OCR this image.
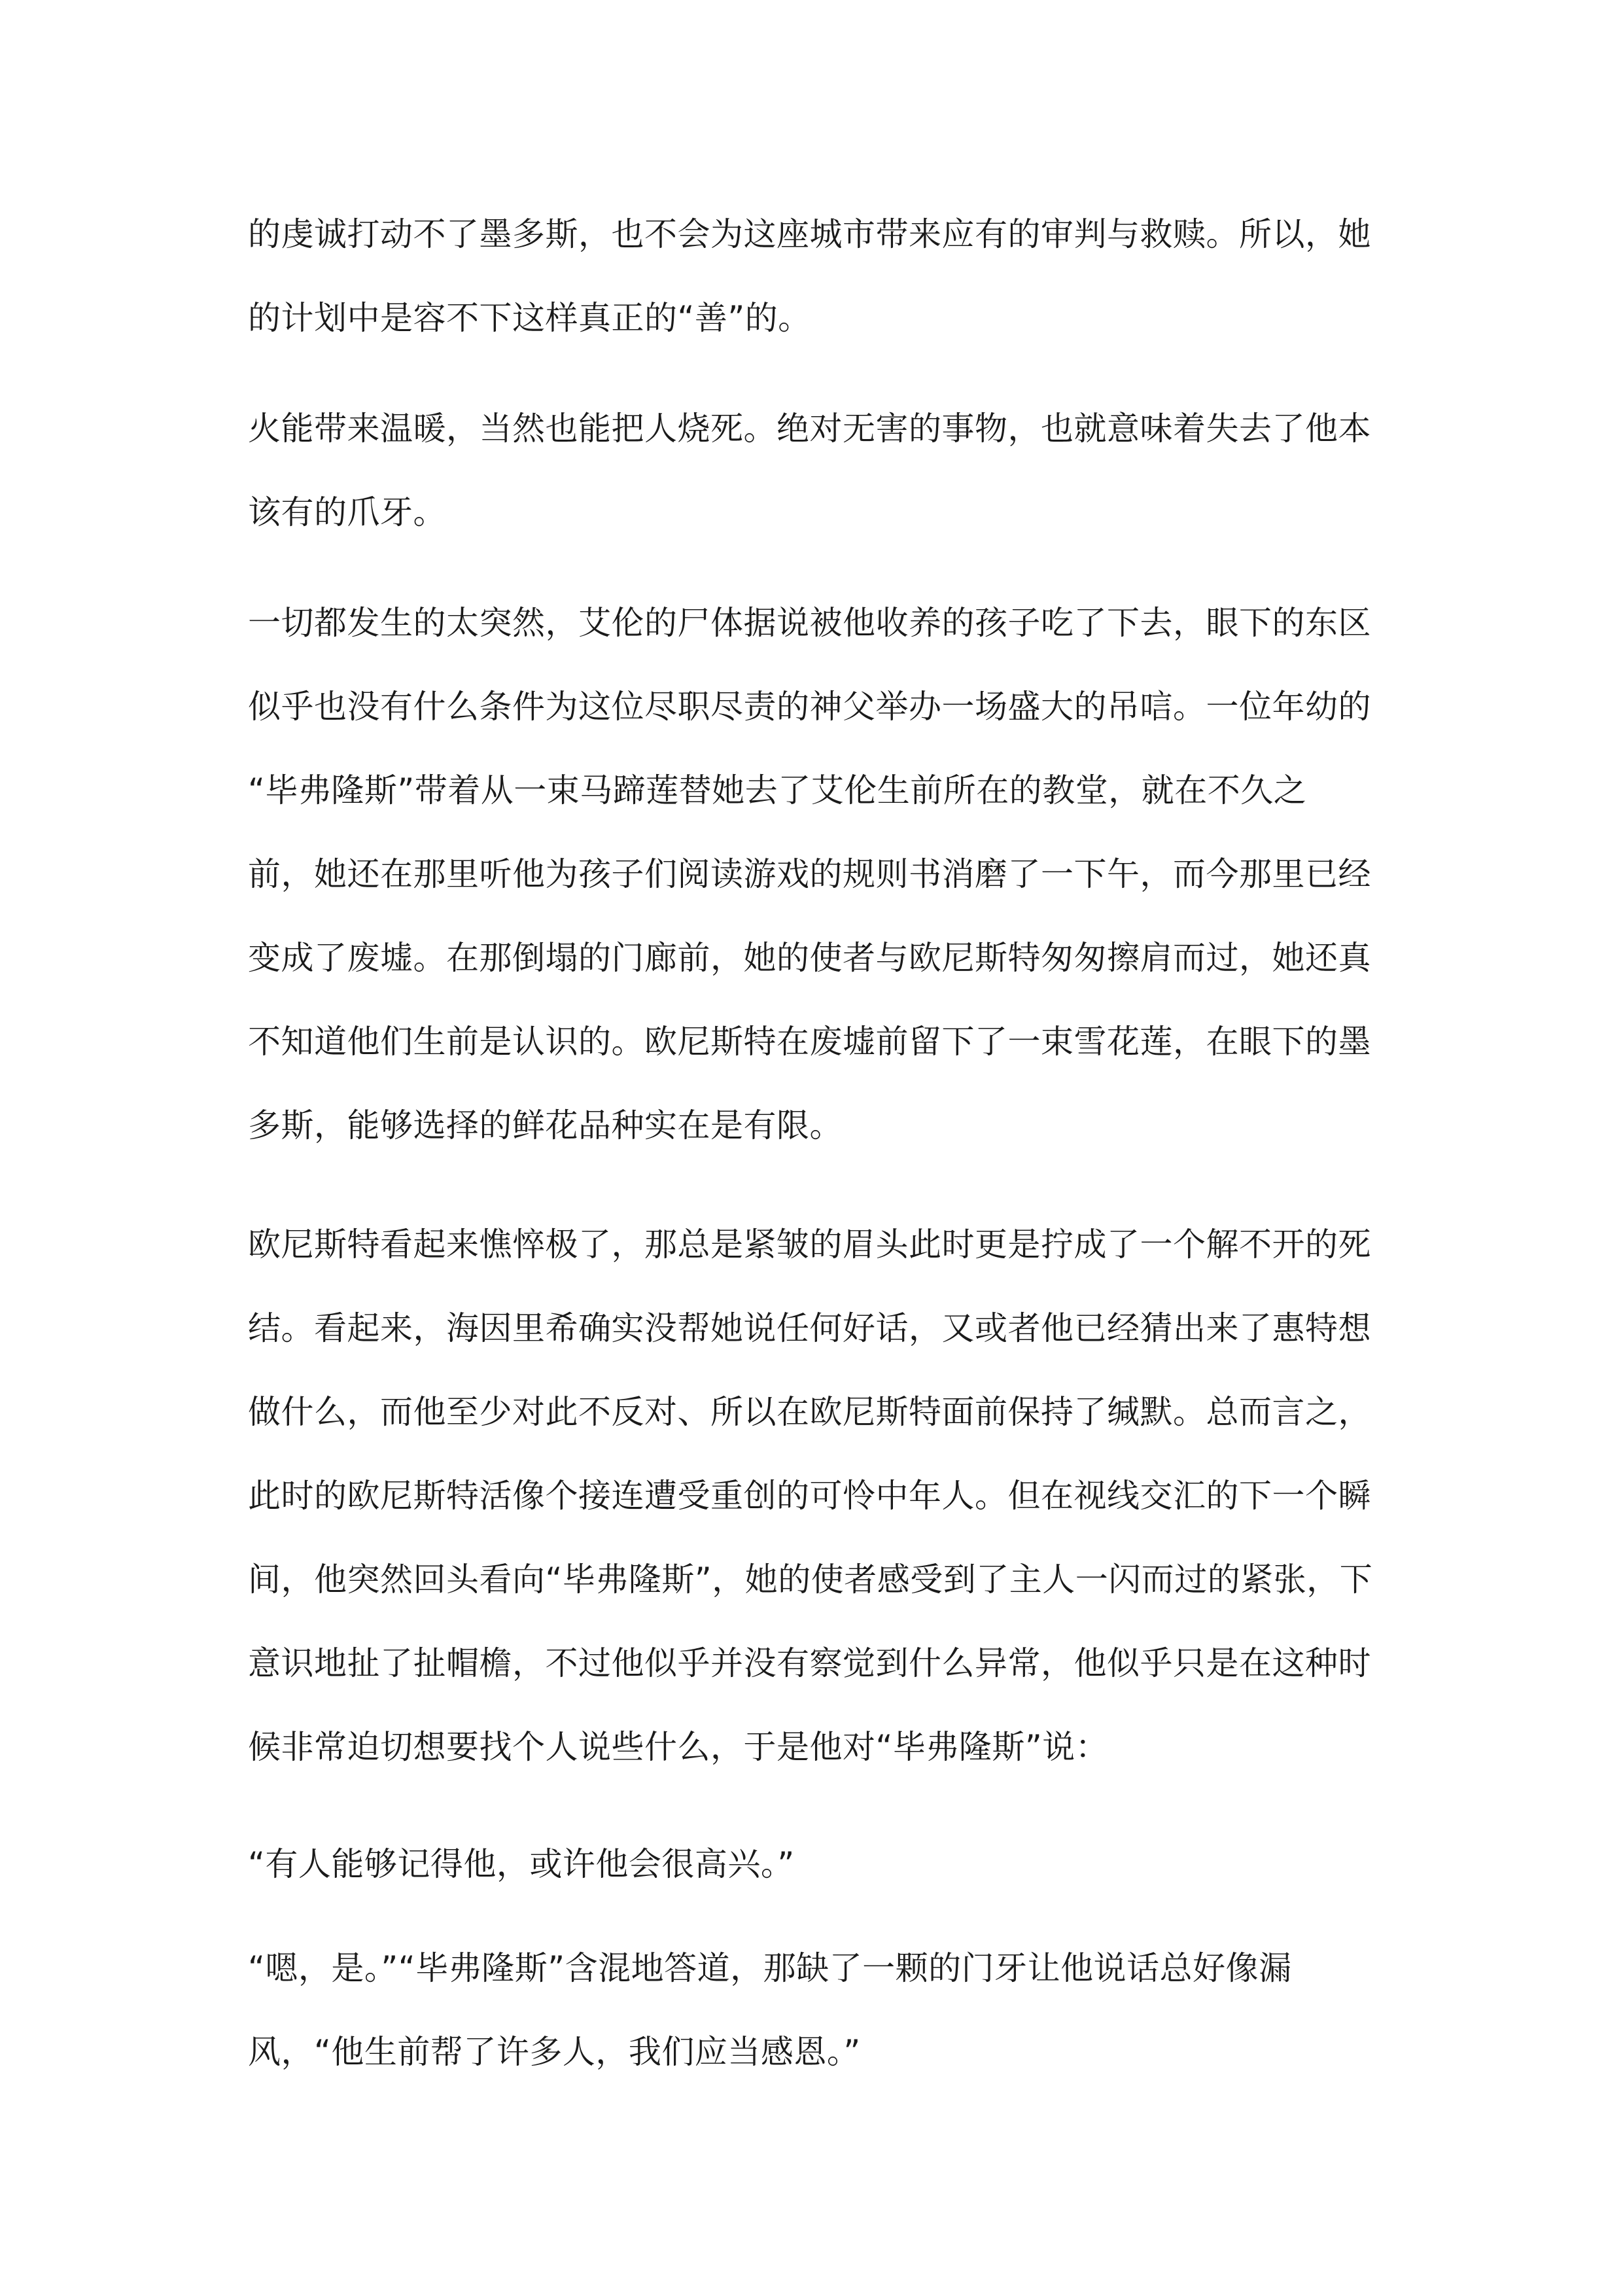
的虔诚打动不了墨多斯，也不会为这座城市带来应有的审判与救赎。所以，她
的计划中是容不下这样真正的“善”的。
火能带来温暖，当然也能把人烧死。绝对无害的事物，也就意味着失去了他本
该有的爪牙。
一切都发生的太突然，艾伦的尸体据说被他收养的孩子吃了下去，眼下的东区
似乎也没有什么条件为这位尽职尽责的神父举办一场盛大的吊唁。一位年幼的
“毕弗隆斯”带着从一束马蹄莲替她去了艾伦生前所在的教堂，就在不久之
前，她还在那里听他为孩子们阅读游戏的规则书消磨了一下午，而今那里已经
变成了废墟。在那倒塌的门廊前，她的使者与欧尼斯特匆匆擦肩而过，她还真
不知道他们生前是认识的。欧尼斯特在废墟前留下了一束雪花莲，在眼下的墨
多斯，能够选择的鲜花品种实在是有限。
欧尼斯特看起来憔悴极了，那总是紧皱的眉头此时更是拧成了一个解不开的死
结。看起来，海因里希确实没帮她说任何好话，又或者他已经猜出来了惠特想
做什么，而他至少对此不反对、所以在欧尼斯特面前保持了缄默。总而言之，
此时的欧尼斯特活像个接连遭受重创的可怜中年人。但在视线交汇的下一个瞬
间，他突然回头看向“毕弗隆斯”，她的使者感受到了主人一闪而过的紧张，下
意识地扯了扯帽檐，不过他似乎并没有察觉到什么异常，他似乎只是在这种时
候非常迫切想要找个人说些什么，于是他对“毕弗隆斯”说：
“有人能够记得他，或许他会很高兴。”
“嗯，是。”“毕弗隆斯”含混地答道，那缺了一颗的门牙让他说话总好像漏
风，“他生前帮了许多人，我们应当感恩。”
